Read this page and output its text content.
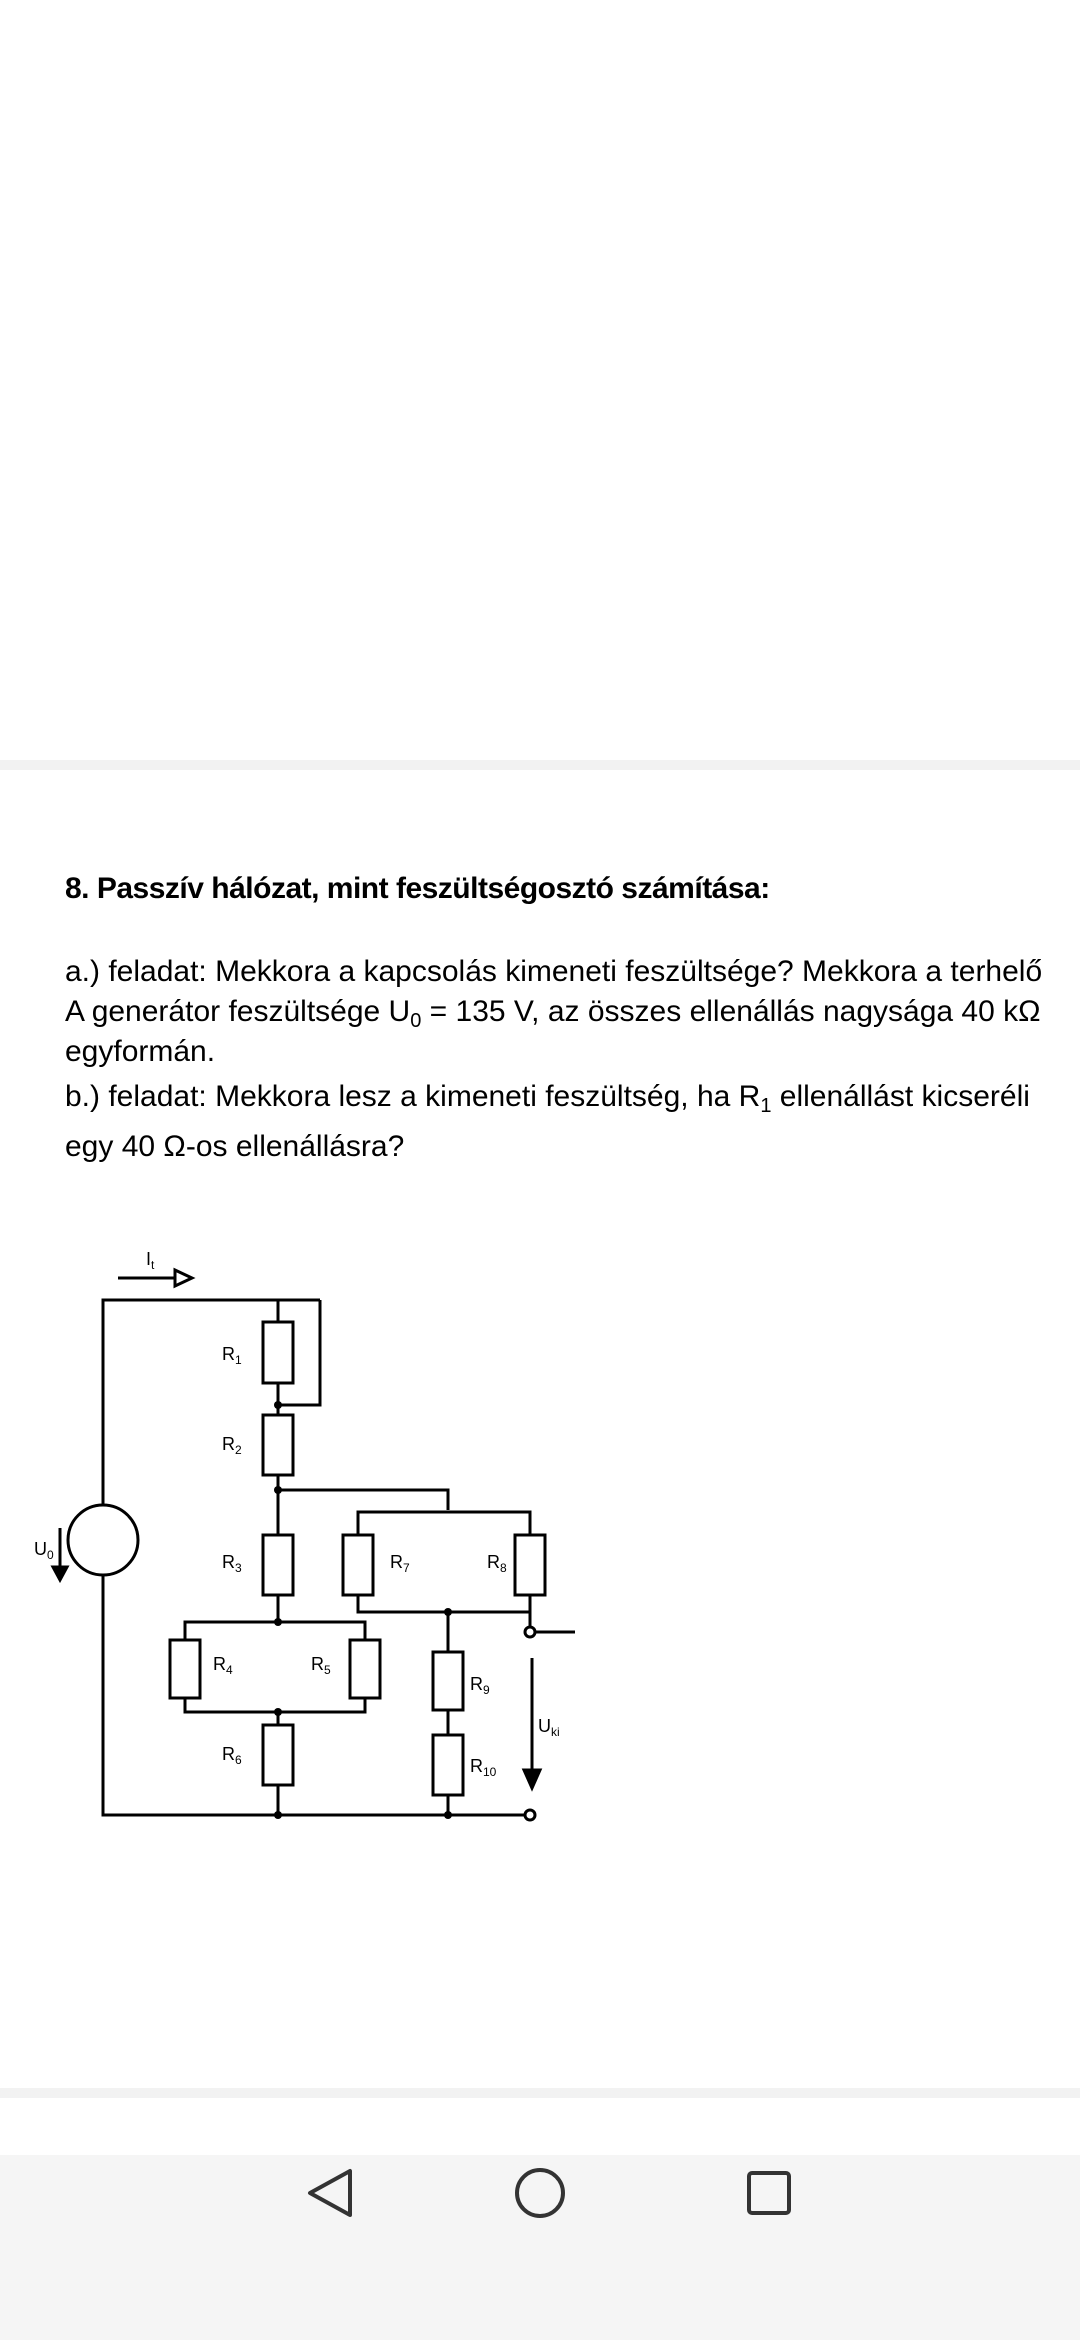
8. Passzív hálózat, mint feszültségosztó számítása:

a.) feladat: Mekkora a kapcsolás kimeneti feszültsége? Mekkora a terhelő

A generátor feszültsége $U_0 = 135$ V, az összes ellenállás nagysága 40 kΩ

egyformán.

b.) feladat: Mekkora lesz a kimeneti feszültség, ha $R_1$ ellenállást kicseréli

egy 40 Ω-os ellenállásra?

$I_t$
$U_0$
$U_{ki}$
$R_1$
$R_2$
$R_3$
$R_4$	$R_5$
$R_6$
$R_7$	$R_8$
$R_9$
$R_{10}$
